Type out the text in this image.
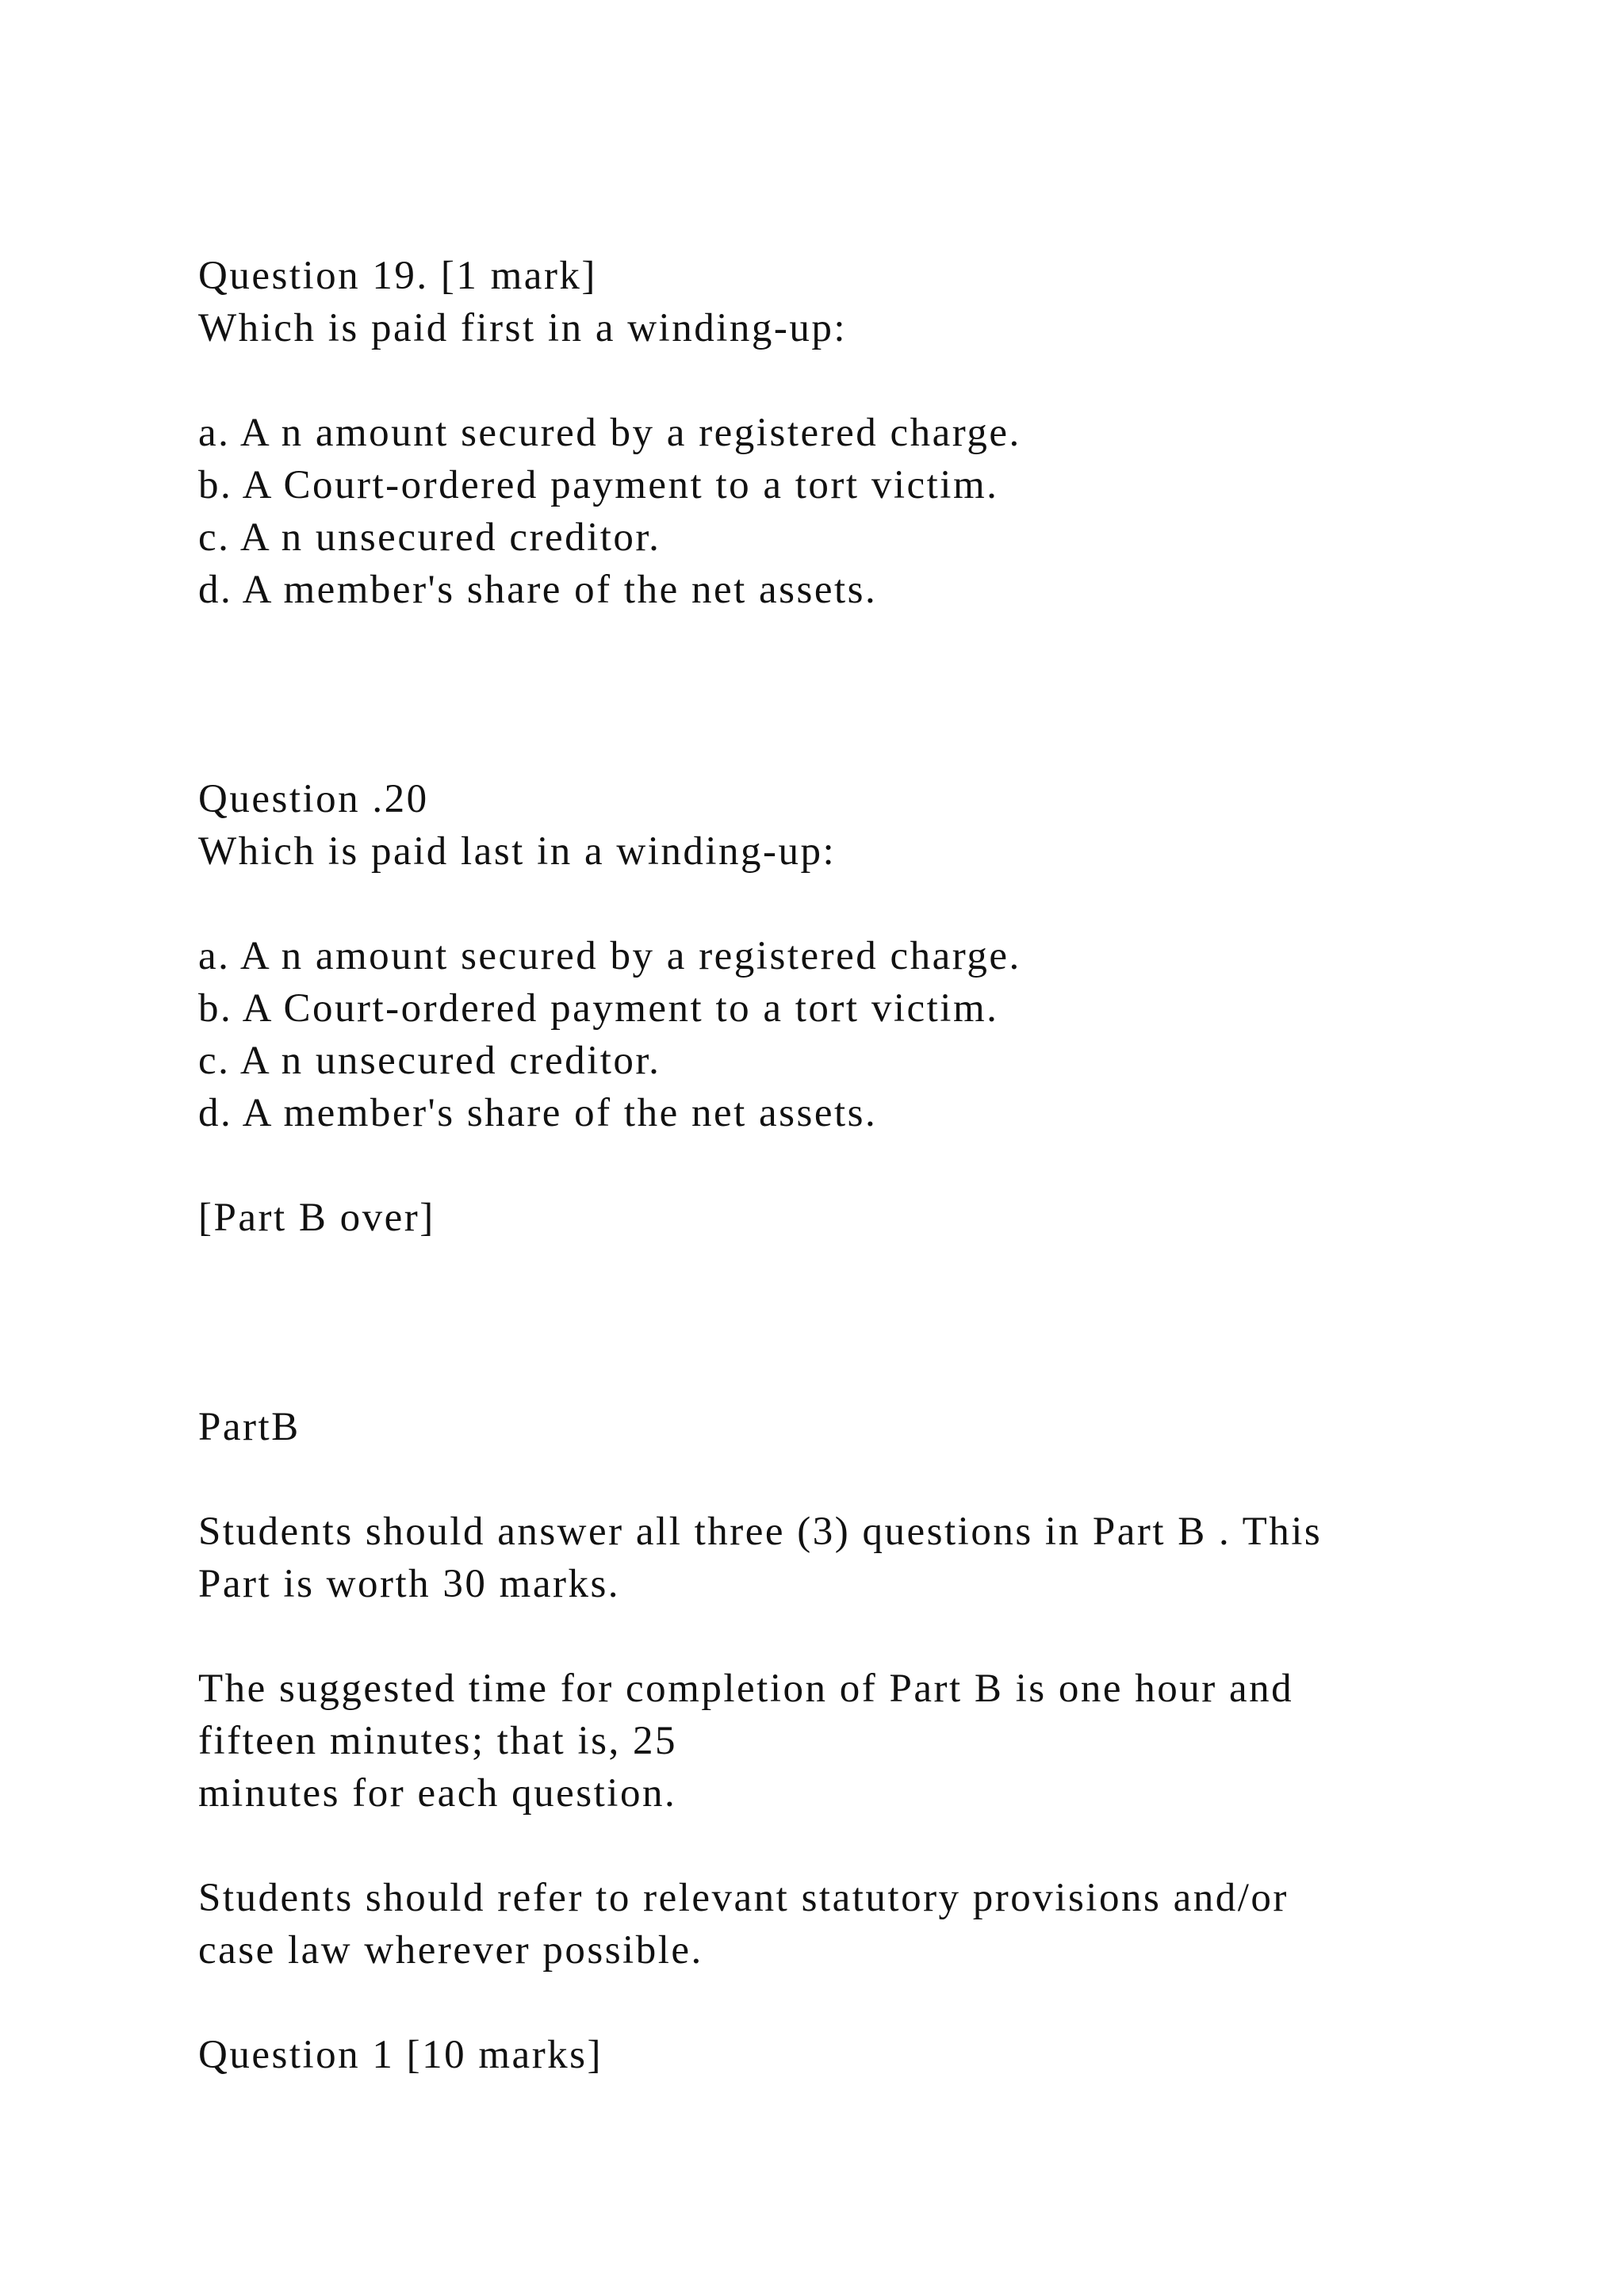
Question 19. [1 mark]

Which is paid first in a winding-up:

a. A n amount secured by a registered charge.

b. A Court-ordered payment to a tort victim.

c. A n unsecured creditor.

d. A member's share of the net assets.

Question .20

Which is paid last in a winding-up:

a. A n amount secured by a registered charge.

b. A Court-ordered payment to a tort victim.

c. A n unsecured creditor.

d. A member's share of the net assets.

[Part B over]

PartB

Students should answer all three (3) questions in Part B . This

Part is worth 30 marks.

The suggested time for completion of Part B is one hour and

fifteen minutes; that is, 25

minutes for each question.

Students should refer to relevant statutory provisions and/or

case law wherever possible.

Question 1 [10 marks]
